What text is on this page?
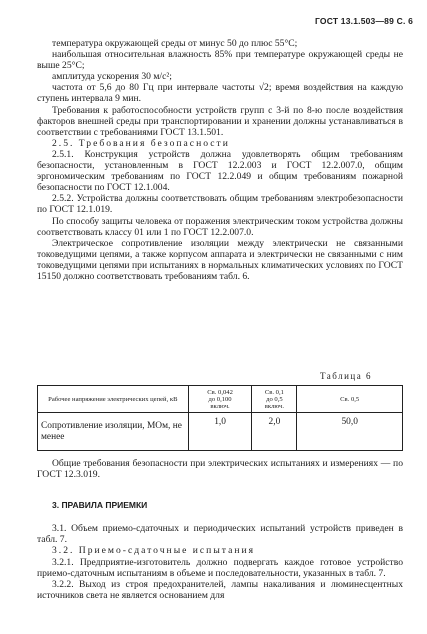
ГОСТ 13.1.503—89 С. 6

температура окружающей среды от минус 50 до плюс 55°С;

наибольшая относительная влажность 85% при температуре окружающей среды не выше 25°С;

амплитуда ускорения 30 м/с²;

частота от 5,6 до 80 Гц при интервале частоты √2; время воздействия на каждую ступень интервала 9 мин.

Требования к работоспособности устройств групп с 3-й по 8-ю после воздействия факторов внешней среды при транспортировании и хранении должны устанавливаться в соответствии с требованиями ГОСТ 13.1.501.

2.5. Требования безопасности

2.5.1. Конструкция устройств должна удовлетворять общим требованиям безопасности, установленным в ГОСТ 12.2.003 и ГОСТ 12.2.007.0, общим эргономическим требованиям по ГОСТ 12.2.049 и общим требованиям пожарной безопасности по ГОСТ 12.1.004.

2.5.2. Устройства должны соответствовать общим требованиям электробезопасности по ГОСТ 12.1.019.

По способу защиты человека от поражения электрическим током устройства должны соответствовать классу 01 или 1 по ГОСТ 12.2.007.0.

Электрическое сопротивление изоляции между электрически не связанными токоведущими цепями, а также корпусом аппарата и электрически не связанными с ним токоведущими цепями при испытаниях в нормальных климатических условиях по ГОСТ 15150 должно соответствовать требованиям табл. 6.

Таблица 6
Рабочее напряжение электрических цепей, кВ	Св. 0,042
до 0,100
включ.	Св. 0,1
до 0,5
включ.	Св. 0,5
Сопротивление изоляции, МОм, не менее	1,0	2,0	50,0

Общие требования безопасности при электрических испытаниях и измерениях — по ГОСТ 12.3.019.

3. ПРАВИЛА ПРИЕМКИ

3.1. Объем приемо-сдаточных и периодических испытаний устройств приведен в табл. 7.

3.2. Приемо-сдаточные испытания

3.2.1. Предприятие-изготовитель должно подвергать каждое готовое устройство приемо-сдаточным испытаниям в объеме и последовательности, указанных в табл. 7.

3.2.2. Выход из строя предохранителей, лампы накаливания и люминесцентных источников света не является основанием для
